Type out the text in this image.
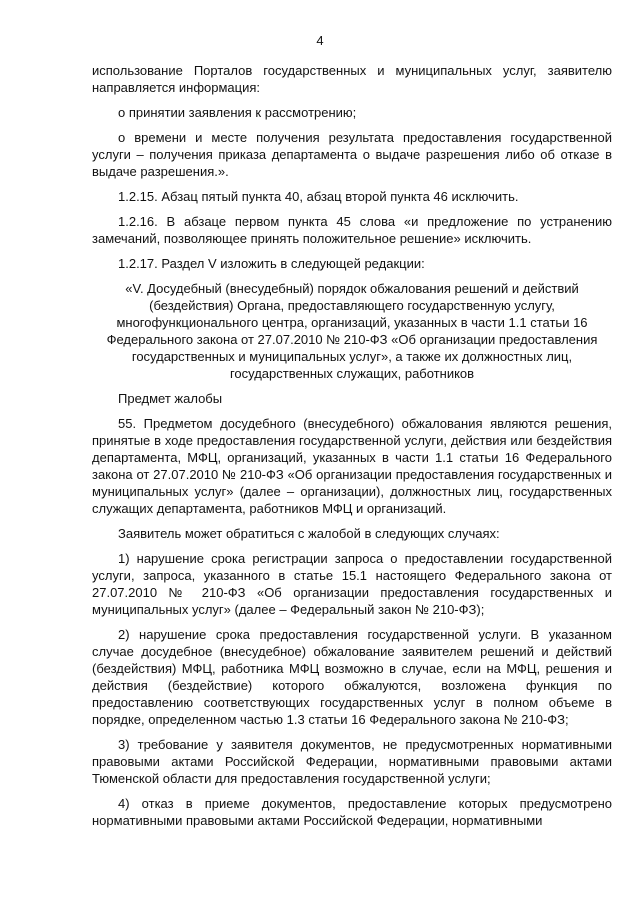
4

использование Порталов государственных и муниципальных услуг, заявителю направляется информация:

о принятии заявления к рассмотрению;

о времени и месте получения результата предоставления государственной услуги – получения приказа департамента о выдаче разрешения либо об отказе в выдаче разрешения.».

1.2.15. Абзац пятый пункта 40, абзац второй пункта 46 исключить.

1.2.16. В абзаце первом пункта 45 слова «и предложение по устранению замечаний, позволяющее принять положительное решение» исключить.

1.2.17. Раздел V изложить в следующей редакции:

«V. Досудебный (внесудебный) порядок обжалования решений и действий (бездействия) Органа, предоставляющего государственную услугу, многофункционального центра, организаций, указанных в части 1.1 статьи 16 Федерального закона от 27.07.2010 № 210-ФЗ «Об организации предоставления государственных и муниципальных услуг», а также их должностных лиц, государственных служащих, работников

Предмет жалобы

55. Предметом досудебного (внесудебного) обжалования являются решения, принятые в ходе предоставления государственной услуги, действия или бездействия департамента, МФЦ, организаций, указанных в части 1.1 статьи 16 Федерального закона от 27.07.2010 № 210-ФЗ «Об организации предоставления государственных и муниципальных услуг» (далее – организации), должностных лиц, государственных служащих департамента, работников МФЦ и организаций.

Заявитель может обратиться с жалобой в следующих случаях:

1) нарушение срока регистрации запроса о предоставлении государственной услуги, запроса, указанного в статье 15.1 настоящего Федерального закона от 27.07.2010 № 210-ФЗ «Об организации предоставления государственных и муниципальных услуг» (далее – Федеральный закон № 210-ФЗ);

2) нарушение срока предоставления государственной услуги. В указанном случае досудебное (внесудебное) обжалование заявителем решений и действий (бездействия) МФЦ, работника МФЦ возможно в случае, если на МФЦ, решения и действия (бездействие) которого обжалуются, возложена функция по предоставлению соответствующих государственных услуг в полном объеме в порядке, определенном частью 1.3 статьи 16 Федерального закона № 210-ФЗ;

3) требование у заявителя документов, не предусмотренных нормативными правовыми актами Российской Федерации, нормативными правовыми актами Тюменской области для предоставления государственной услуги;

4) отказ в приеме документов, предоставление которых предусмотрено нормативными правовыми актами Российской Федерации, нормативными
